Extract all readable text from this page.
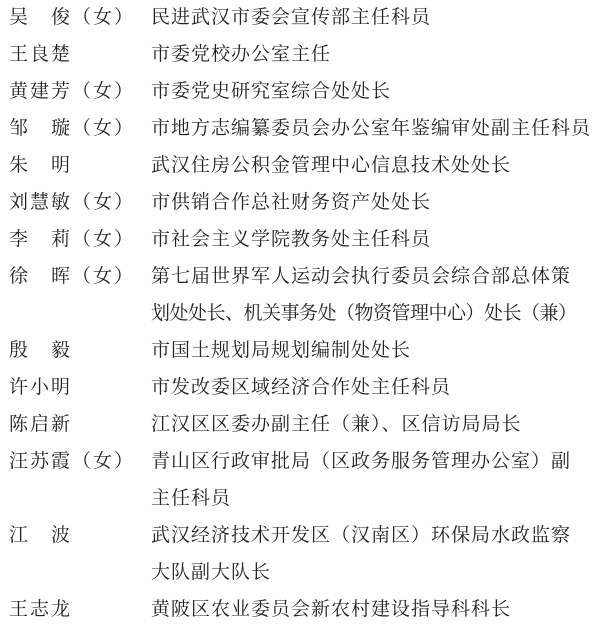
吴　俊（女） 民进武汉市委会宣传部主任科员
王良楚	市委党校办公室主任
黄建芳（女） 市委党史研究室综合处处长
邹　璇（女） 市地方志编纂委员会办公室年鉴编审处副主任科员
朱　明	武汉住房公积金管理中心信息技术处处长
刘慧敏（女） 市供销合作总社财务资产处处长
李　莉（女） 市社会主义学院教务处主任科员
徐　晖（女） 第七届世界军人运动会执行委员会综合部总体策
划处处长、机关事务处（物资管理中心）处长（兼）
殷　毅	市国土规划局规划编制处处长
许小明	市发改委区域经济合作处主任科员
陈启新	江汉区区委办副主任（兼）、区信访局局长
汪苏霞（女） 青山区行政审批局（区政务服务管理办公室）副
主任科员
江　波	武汉经济技术开发区（汉南区）环保局水政监察
大队副大队长
王志龙	黄陂区农业委员会新农村建设指导科科长
